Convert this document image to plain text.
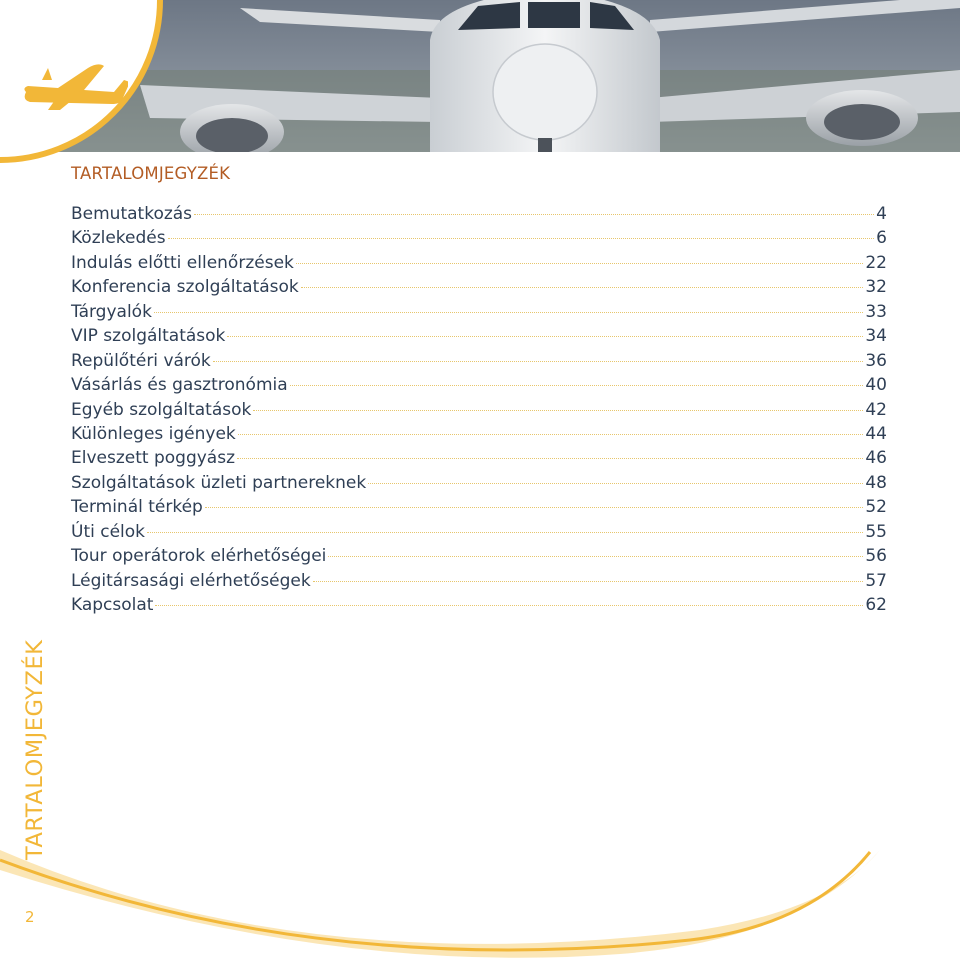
TARTALOMJEGYZÉK
Bemutatkozás	4
Közlekedés	6
Indulás előtti ellenőrzések	22
Konferencia szolgáltatások	32
Tárgyalók	33
VIP szolgáltatások	34
Repülőtéri várók	36
Vásárlás és gasztronómia	40
Egyéb szolgáltatások	42
Különleges igények	44
Elveszett poggyász	46
Szolgáltatások üzleti partnereknek	48
Terminál térkép	52
Úti célok	55
Tour operátorok elérhetőségei	56
Légitársasági elérhetőségek	57
Kapcsolat	62
TARTALOMJEGYZÉK
2
